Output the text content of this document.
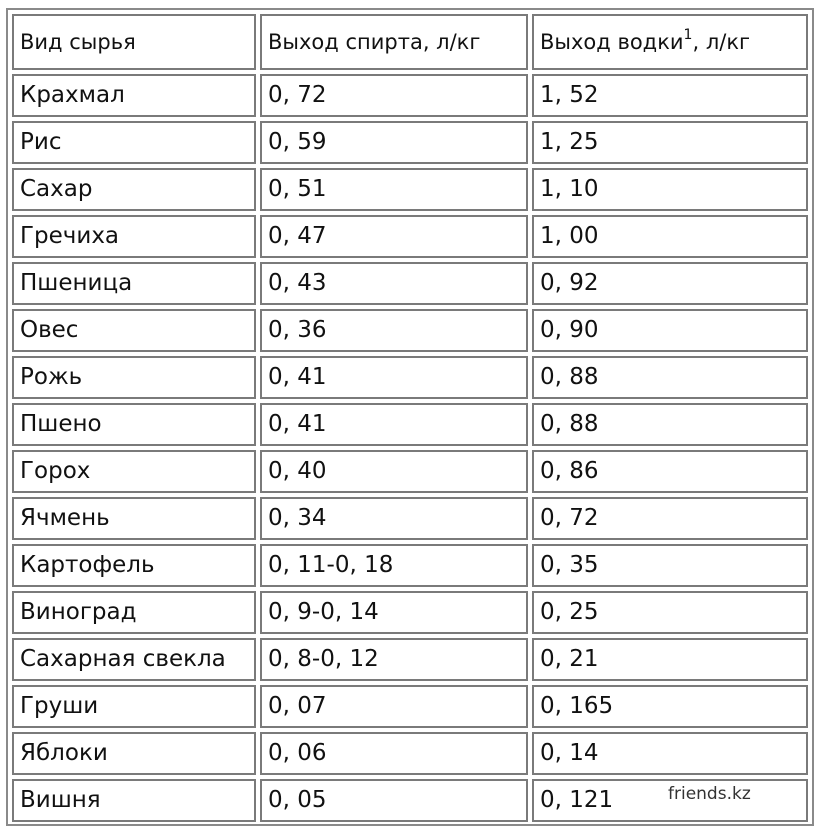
Вид сырья	Выход спирта, л/кг	Выход водки$^1$, л/кг
Крахмал	0, 72	1, 52
Рис	0, 59	1, 25
Сахар	0, 51	1, 10
Гречиха	0, 47	1, 00
Пшеница	0, 43	0, 92
Овес	0, 36	0, 90
Рожь	0, 41	0, 88
Пшено	0, 41	0, 88
Горох	0, 40	0, 86
Ячмень	0, 34	0, 72
Картофель	0, 11-0, 18	0, 35
Виноград	0, 9-0, 14	0, 25
Сахарная свекла	0, 8-0, 12	0, 21
Груши	0, 07	0, 165
Яблоки	0, 06	0, 14
Вишня	0, 05	0, 121	friends.kz
